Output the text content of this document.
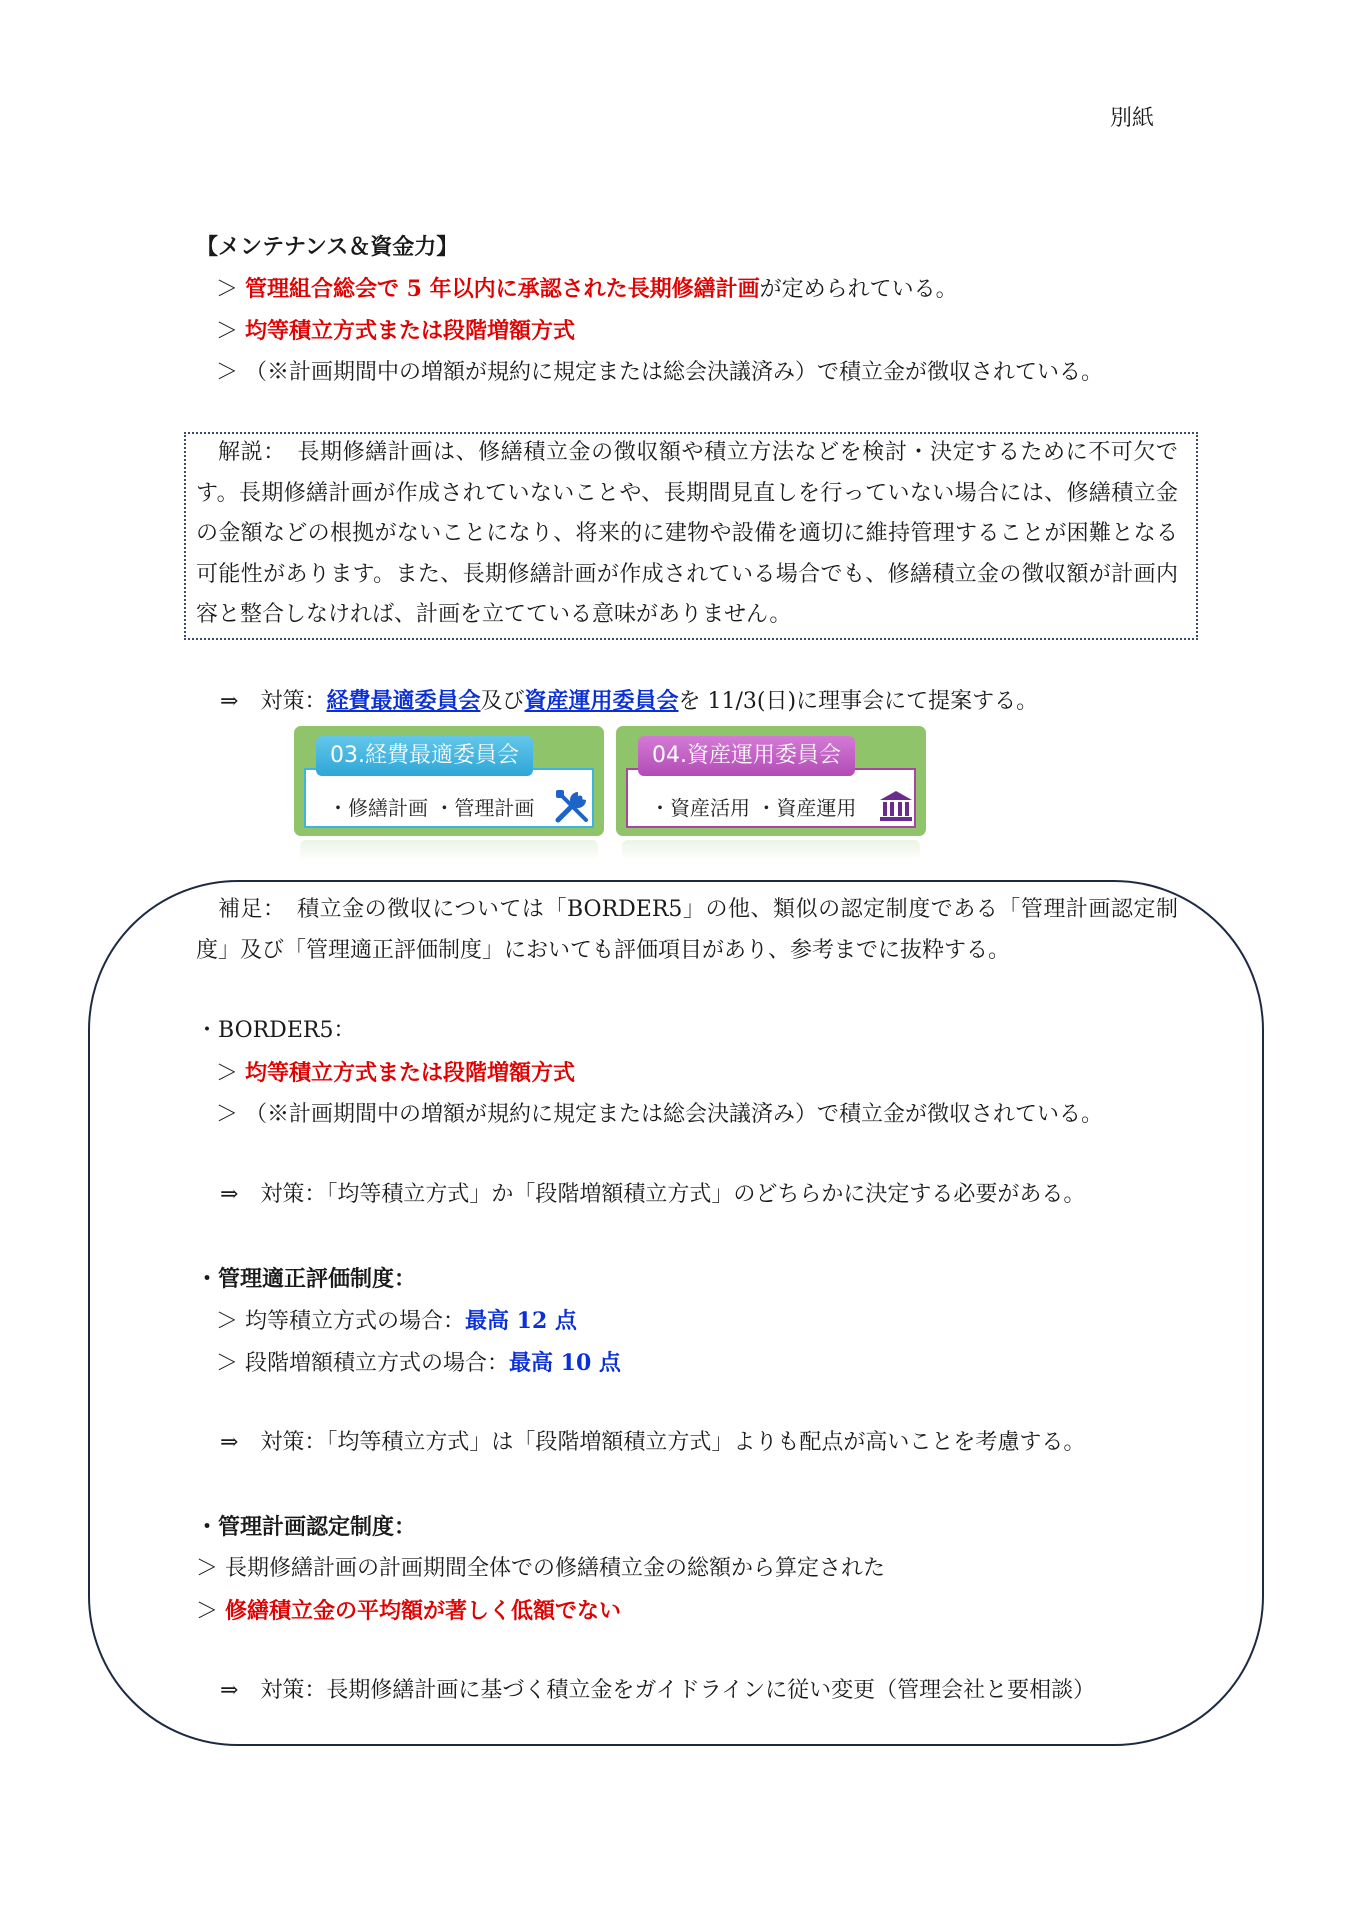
別紙
【メンテナンス＆資金力】
＞ 管理組合総会で 5 年以内に承認された長期修繕計画が定められている。
＞ 均等積立方式または段階増額方式
＞ （※計画期間中の増額が規約に規定または総会決議済み）で積立金が徴収されている。
解説：　 長期修繕計画は、修繕積立金の徴収額や積立方法などを検討・決定するために不可欠です。長期修繕計画が作成されていないことや、長期間見直しを行っていない場合には、修繕積立金の金額などの根拠がないことになり、将来的に建物や設備を適切に維持管理することが困難となる可能性があります。また、長期修繕計画が作成されている場合でも、修繕積立金の徴収額が計画内容と整合しなければ、計画を立てている意味がありません。
⇒　 対策：経費最適委員会及び資産運用委員会を 11/3(日)に理事会にて提案する。
03.経費最適委員会
・修繕計画 ・管理計画
04.資産運用委員会
・資産活用 ・資産運用
補足：　 積立金の徴収については「BORDER5」の他、類似の認定制度である「管理計画認定制度」及び「管理適正評価制度」においても評価項目があり、参考までに抜粋する。
・BORDER5：
＞ 均等積立方式または段階増額方式
＞ （※計画期間中の増額が規約に規定または総会決議済み）で積立金が徴収されている。
⇒　対策：「均等積立方式」か「段階増額積立方式」のどちらかに決定する必要がある。
・管理適正評価制度：
＞ 均等積立方式の場合：最高 12 点
＞ 段階増額積立方式の場合：最高 10 点
⇒　対策：「均等積立方式」は「段階増額積立方式」よりも配点が高いことを考慮する。
・管理計画認定制度：
＞ 長期修繕計画の計画期間全体での修繕積立金の総額から算定された
＞ 修繕積立金の平均額が著しく低額でない
⇒　対策：長期修繕計画に基づく積立金をガイドラインに従い変更（管理会社と要相談）
